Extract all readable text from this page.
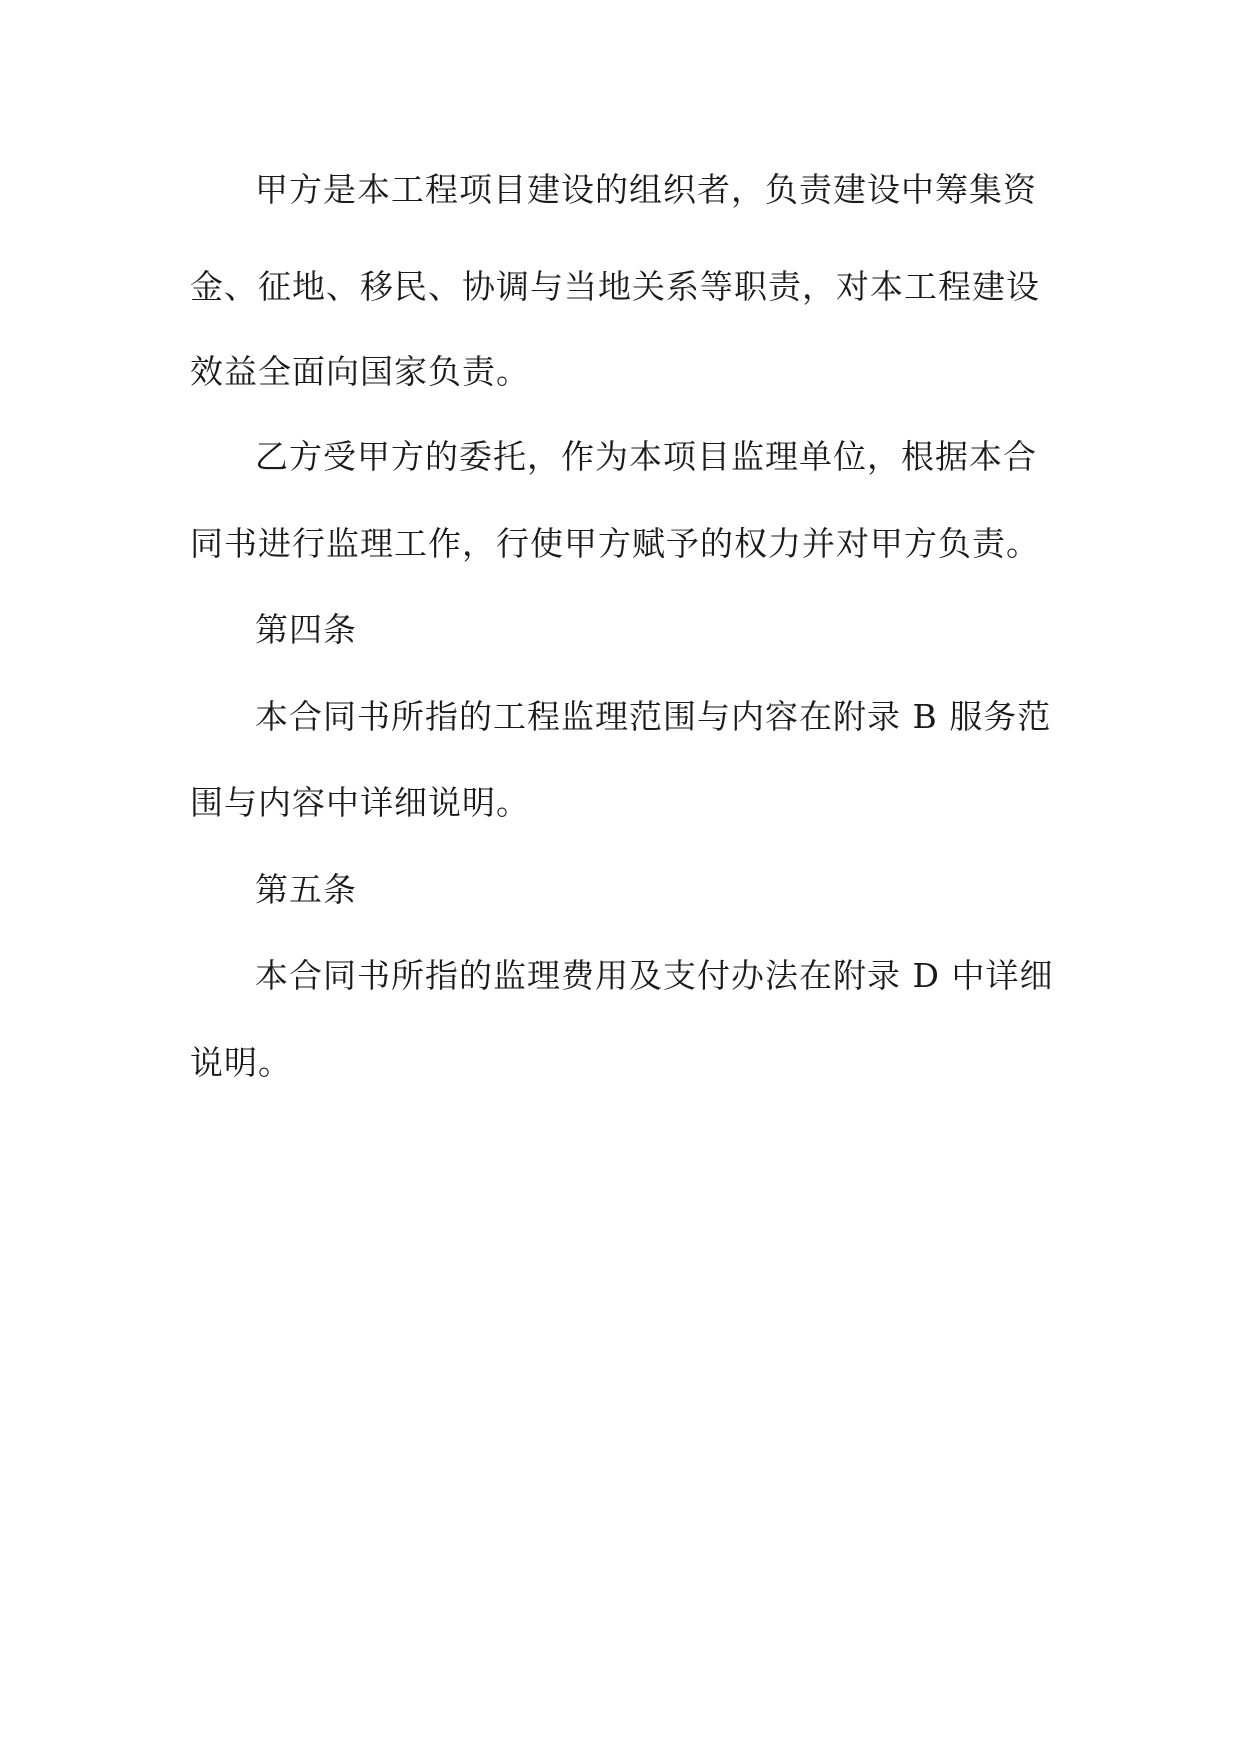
甲方是本工程项目建设的组织者，负责建设中筹集资
金、征地、移民、协调与当地关系等职责，对本工程建设
效益全面向国家负责。
乙方受甲方的委托，作为本项目监理单位，根据本合
同书进行监理工作，行使甲方赋予的权力并对甲方负责。
第四条
本合同书所指的工程监理范围与内容在附录 B 服务范
围与内容中详细说明。
第五条
本合同书所指的监理费用及支付办法在附录 D 中详细
说明。
